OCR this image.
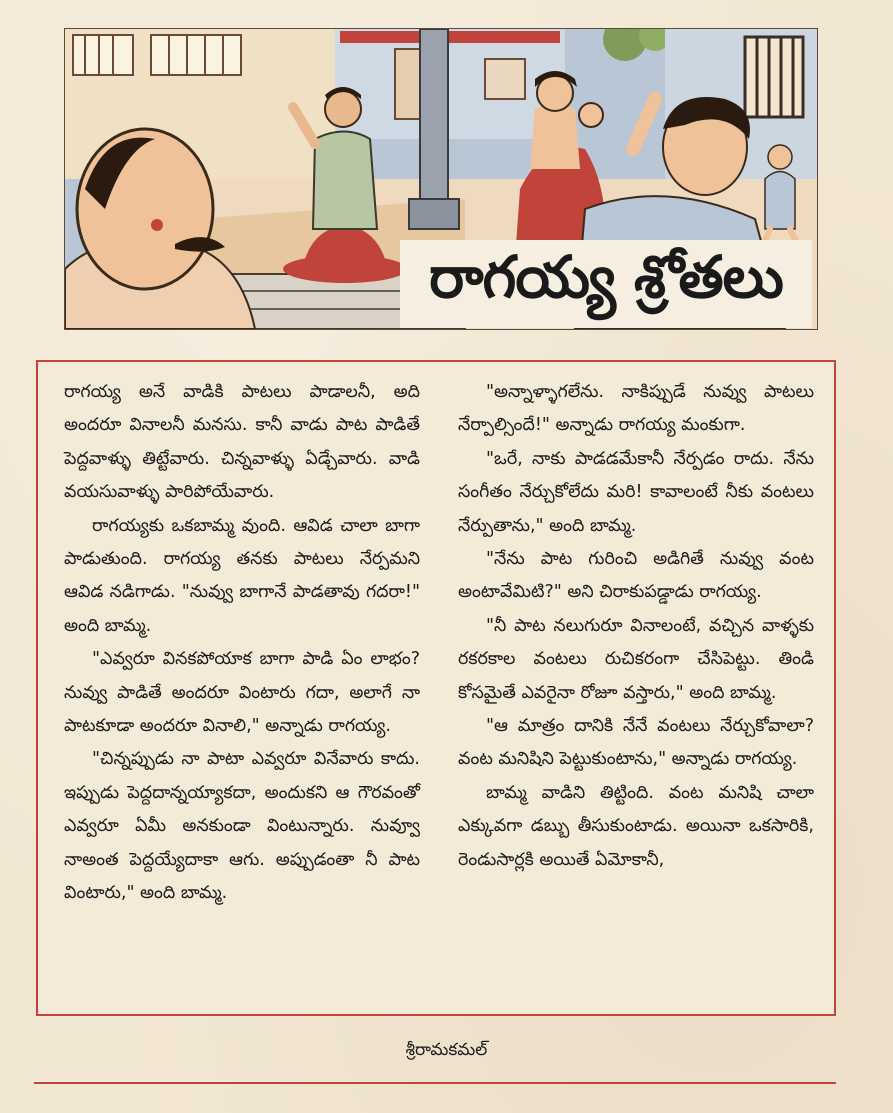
రాగయ్య శ్రోతలు

రాగయ్య అనే వాడికి పాటలు పాడాలనీ, అది అందరూ వినాలనీ మనసు. కానీ వాడు పాట పాడితే పెద్దవాళ్ళు తిట్టేవారు. చిన్నవాళ్ళు ఏడ్చేవారు. వాడి వయసువాళ్ళు పారిపోయేవారు.

రాగయ్యకు ఒకబామ్మ వుంది. ఆవిడ చాలా బాగా పాడుతుంది. రాగయ్య తనకు పాటలు నేర్పమని ఆవిడ నడిగాడు. "నువ్వు బాగానే పాడతావు గదరా!" అంది బామ్మ.

"ఎవ్వరూ వినకపోయాక బాగా పాడి ఏం లాభం? నువ్వు పాడితే అందరూ వింటారు గదా, అలాగే నా పాటకూడా అందరూ వినాలి," అన్నాడు రాగయ్య.

"చిన్నప్పుడు నా పాటా ఎవ్వరూ వినేవారు కాదు. ఇప్పుడు పెద్దదాన్నయ్యాకదా, అందుకని ఆ గౌరవంతో ఎవ్వరూ ఏమీ అనకుండా వింటున్నారు. నువ్వూ నాఅంత పెద్దయ్యేదాకా ఆగు. అప్పుడంతా నీ పాట వింటారు," అంది బామ్మ.

"అన్నాళ్ళాగలేను. నాకిప్పుడే నువ్వు పాటలు నేర్పాల్సిందే!" అన్నాడు రాగయ్య మంకుగా.

"ఒరే, నాకు పాడడమేకానీ నేర్పడం రాదు. నేను సంగీతం నేర్చుకోలేదు మరి! కావాలంటే నీకు వంటలు నేర్పుతాను," అంది బామ్మ.

"నేను పాట గురించి అడిగితే నువ్వు వంట అంటావేమిటి?" అని చిరాకుపడ్డాడు రాగయ్య.

"నీ పాట నలుగురూ వినాలంటే, వచ్చిన వాళ్ళకు రకరకాల వంటలు రుచికరంగా చేసిపెట్టు. తిండి కోసమైతే ఎవరైనా రోజూ వస్తారు," అంది బామ్మ.

"ఆ మాత్రం దానికి నేనే వంటలు నేర్చుకోవాలా? వంట మనిషిని పెట్టుకుంటాను," అన్నాడు రాగయ్య.

బామ్మ వాడిని తిట్టింది. వంట మనిషి చాలా ఎక్కువగా డబ్బు తీసుకుంటాడు. అయినా ఒకసారికి, రెండుసార్లకి అయితే ఏమోకానీ,

శ్రీరామకమల్
